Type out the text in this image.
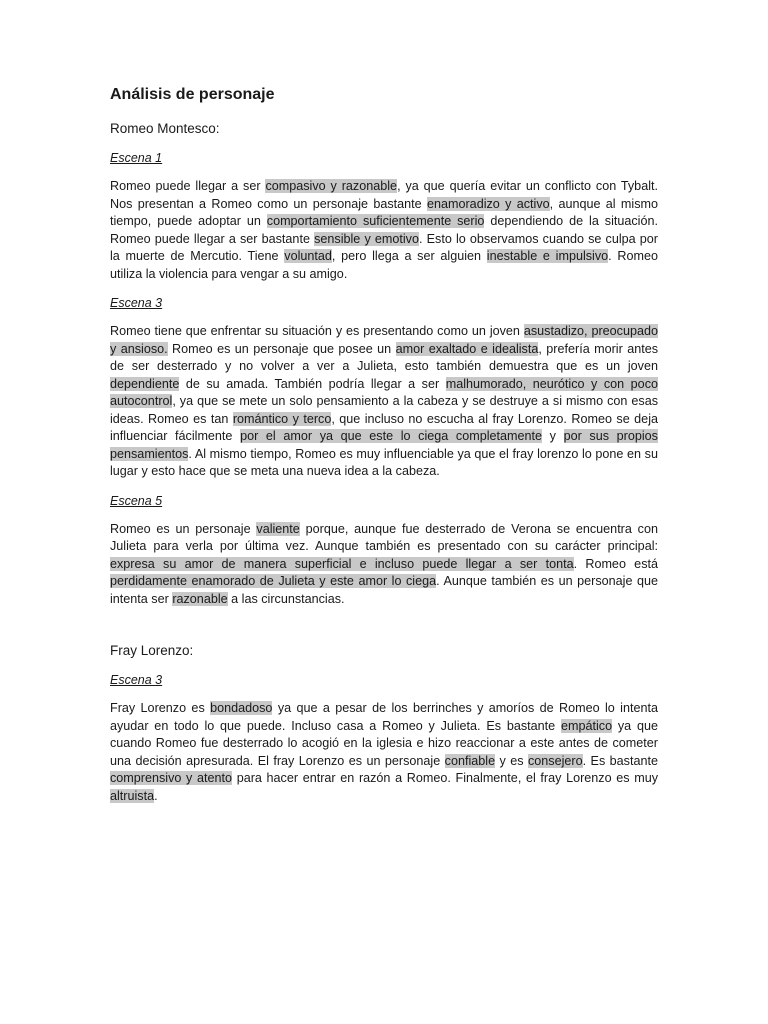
Análisis de personaje
Romeo Montesco:
Escena 1

Romeo puede llegar a ser compasivo y razonable, ya que quería evitar un conflicto con Tybalt. Nos presentan a Romeo como un personaje bastante enamoradizo y activo, aunque al mismo tiempo, puede adoptar un comportamiento suficientemente serio dependiendo de la situación. Romeo puede llegar a ser bastante sensible y emotivo. Esto lo observamos cuando se culpa por la muerte de Mercutio. Tiene voluntad, pero llega a ser alguien inestable e impulsivo. Romeo utiliza la violencia para vengar a su amigo.

Escena 3

Romeo tiene que enfrentar su situación y es presentando como un joven asustadizo, preocupado y ansioso. Romeo es un personaje que posee un amor exaltado e idealista, prefería morir antes de ser desterrado y no volver a ver a Julieta, esto también demuestra que es un joven dependiente de su amada. También podría llegar a ser malhumorado, neurótico y con poco autocontrol, ya que se mete un solo pensamiento a la cabeza y se destruye a si mismo con esas ideas. Romeo es tan romántico y terco, que incluso no escucha al fray Lorenzo. Romeo se deja influenciar fácilmente por el amor ya que este lo ciega completamente y por sus propios pensamientos. Al mismo tiempo, Romeo es muy influenciable ya que el fray lorenzo lo pone en su lugar y esto hace que se meta una nueva idea a la cabeza.

Escena 5

Romeo es un personaje valiente porque, aunque fue desterrado de Verona se encuentra con Julieta para verla por última vez. Aunque también es presentado con su carácter principal: expresa su amor de manera superficial e incluso puede llegar a ser tonta. Romeo está perdidamente enamorado de Julieta y este amor lo ciega. Aunque también es un personaje que intenta ser razonable a las circunstancias.

Fray Lorenzo:
Escena 3

Fray Lorenzo es bondadoso ya que a pesar de los berrinches y amoríos de Romeo lo intenta ayudar en todo lo que puede. Incluso casa a Romeo y Julieta. Es bastante empático ya que cuando Romeo fue desterrado lo acogió en la iglesia e hizo reaccionar a este antes de cometer una decisión apresurada. El fray Lorenzo es un personaje confiable y es consejero. Es bastante comprensivo y atento para hacer entrar en razón a Romeo. Finalmente, el fray Lorenzo es muy altruista.
